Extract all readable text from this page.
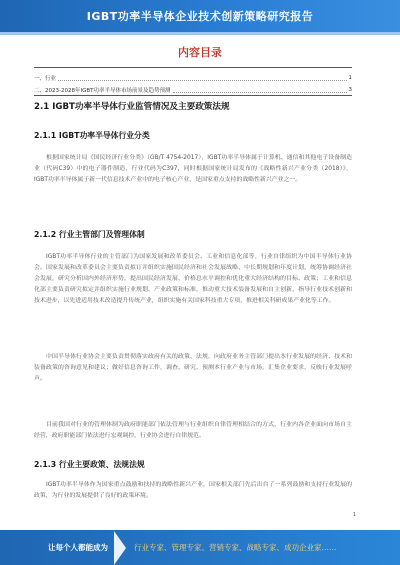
IGBT功率半导体企业技术创新策略研究报告
内容目录
一、行业	1
二、2023-2028年IGBT功率半导体市场前景及趋势预测	3
2.1 IGBT功率半导体行业监管情况及主要政策法规
2.1.1 IGBT功率半导体行业分类
根据国家统计局《国民经济行业分类》（GB/T 4754-2017），IGBT功率半导体属于计算机、通信和其他电子设备制造业（代码C39）中的电子器件制造，行业代码为C397，同时根据国家统计局发布的《战略性新兴产业分类（2018）》，IGBT功率半导体属于新一代信息技术产业中的电子核心产业，是国家重点支持的战略性新兴产业之一。
2.1.2 行业主管部门及管理体制
IGBT功率半导体行业的主管部门为国家发展和改革委员会、工业和信息化部等，行业自律组织为中国半导体行业协会。国家发展和改革委员会主要负责拟订并组织实施国民经济和社会发展战略、中长期规划和年度计划，统筹协调经济社会发展，研究分析国内外经济形势，提出国民经济发展、价格总水平调控和优化重大经济结构的目标、政策；工业和信息化部主要负责研究拟定并组织实施行业规划、产业政策和标准，推动重大技术装备发展和自主创新，指导行业技术创新和技术进步，以先进适用技术改造提升传统产业，组织实施有关国家科技重大专项，推进相关科研成果产业化等工作。
中国半导体行业协会主要负责贯彻落实政府有关的政策、法规，向政府业务主管部门提出本行业发展的经济、技术和装备政策的咨询意见和建议；做好信息咨询工作，调查、研究、预测本行业产业与市场，汇集企业要求，反映行业发展呼声。
目前我国对行业的管理体制为政府职能部门依法管理与行业组织自律管理相结合的方式，行业内各企业面向市场自主经营，政府职能部门依法进行宏观调控，行业协会进行自律规范。
2.1.3 行业主要政策、法规法规
IGBT功率半导体作为国家重点鼓励和扶持的战略性新兴产业，国家相关部门先后出台了一系列鼓励和支持行业发展的政策，为行业的发展提供了良好的政策环境。
1
让每个人都能成为	行业专家、管理专家、营销专家、战略专家、成功企业家……
